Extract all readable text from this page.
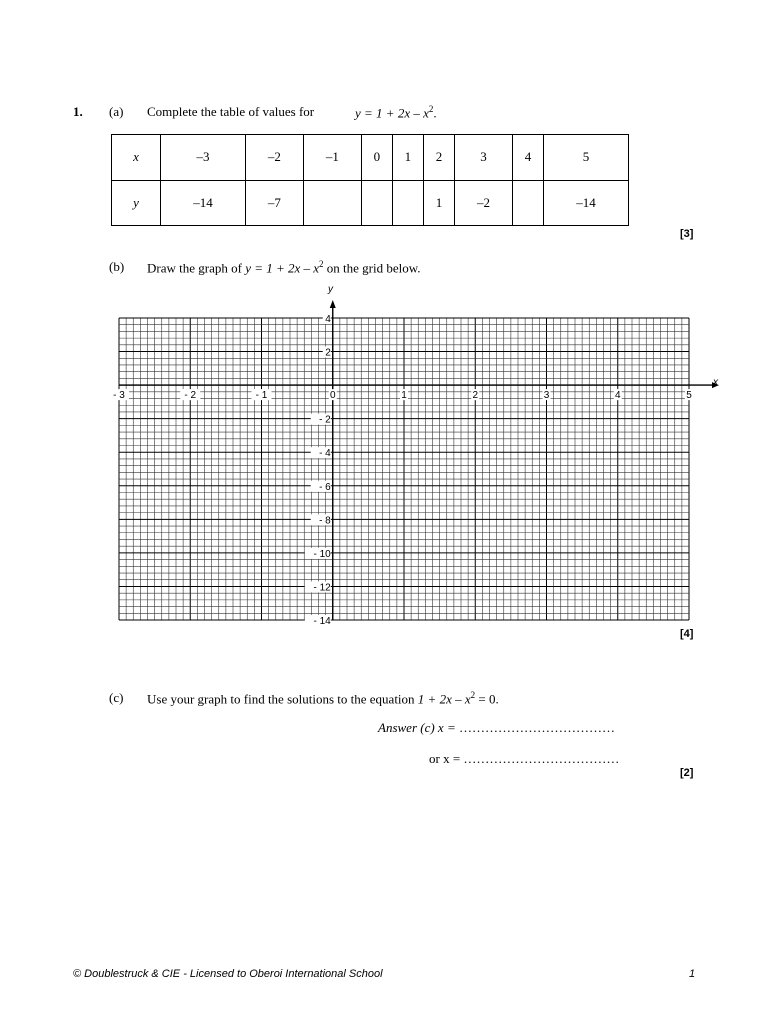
1. (a) Complete the table of values for	$y = 1 + 2x - x^2$.
x	–3	–2	–1	0	1	2	3	4	5
y	–14	–7				1	–2		–14
[3]
(b) Draw the graph of $y = 1 + 2x - x^2$ on the grid below.
- 3	- 2	- 1	0	1	2	3	4	5
4
2
- 2
- 4
- 6
- 8
- 10
- 12
- 14
y
x
[4]
(c) Use your graph to find the solutions to the equation $1 + 2x - x^2 = 0$.
Answer (c) x = ………………………………
or x = ………………………………
[2]
© Doublestruck & CIE - Licensed to Oberoi International School	1
